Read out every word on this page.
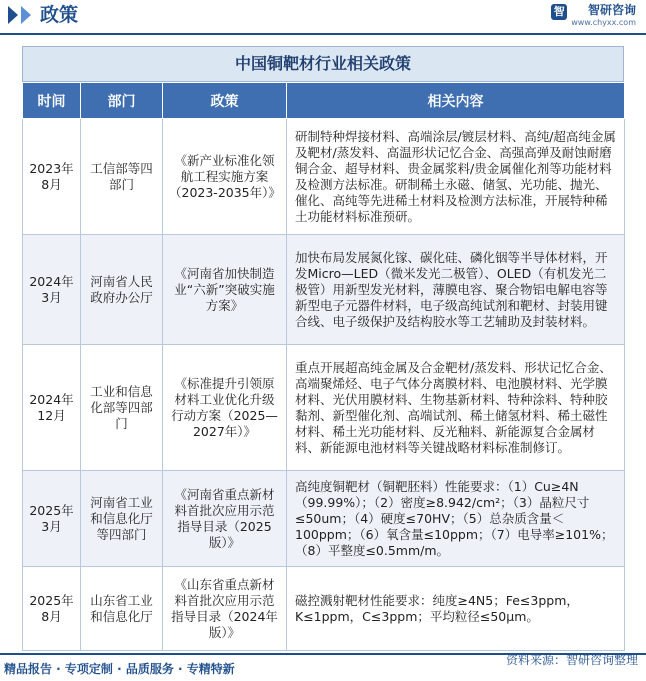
政策	智 智研咨询
www.chyxx.com
中国铜靶材行业相关政策
时间	部门	政策	相关内容
2023年8月	工信部等四部门	《新产业标准化领航工程实施方案（2023-2035年）》	研制特种焊接材料、高端涂层/镀层材料、高纯/超高纯金属及靶材/蒸发料、高温形状记忆合金、高强高弹及耐蚀耐磨铜合金、超导材料、贵金属浆料/贵金属催化剂等功能材料及检测方法标准。研制稀土永磁、储氢、光功能、抛光、催化、高纯等先进稀土材料及检测方法标准，开展特种稀土功能材料标准预研。
2024年3月	河南省人民政府办公厅	《河南省加快制造业“六新”突破实施方案》	加快布局发展氮化镓、碳化硅、磷化铟等半导体材料，开发Micro—LED（微米发光二极管）、OLED（有机发光二极管）用新型发光材料，薄膜电容、聚合物铝电解电容等新型电子元器件材料，电子级高纯试剂和靶材、封装用键合线、电子级保护及结构胶水等工艺辅助及封装材料。
2024年12月	工业和信息化部等四部门	《标准提升引领原材料工业优化升级行动方案（2025—2027年）》	重点开展超高纯金属及合金靶材/蒸发料、形状记忆合金、高端聚烯烃、电子气体分离膜材料、电池膜材料、光学膜材料、光伏用膜材料、生物基新材料、特种涂料、特种胶黏剂、新型催化剂、高端试剂、稀土储氢材料、稀土磁性材料、稀土光功能材料、反光釉料、新能源复合金属材料、新能源电池材料等关键战略材料标准制修订。
2025年3月	河南省工业和信息化厅等四部门	《河南省重点新材料首批次应用示范指导目录（2025版）》	高纯度铜靶材（铜靶胚料）性能要求：（1）Cu≥4N（99.99%）；（2）密度≥8.942/cm²；（3）晶粒尺寸≤50um；（4）硬度≤70HV；（5）总杂质含量＜100ppm；（6）氧含量≤10ppm；（7）电导率≥101%；（8）平整度≤0.5mm/m。
2025年8月	山东省工业和信息化厅	《山东省重点新材料首批次应用示范指导目录（2024年版）》	磁控溅射靶材性能要求：纯度≥4N5；Fe≤3ppm，K≤1ppm，C≤3ppm；平均粒径≤50μm。
精品报告 · 专项定制 · 品质服务 · 专精特新
资料来源：智研咨询整理
